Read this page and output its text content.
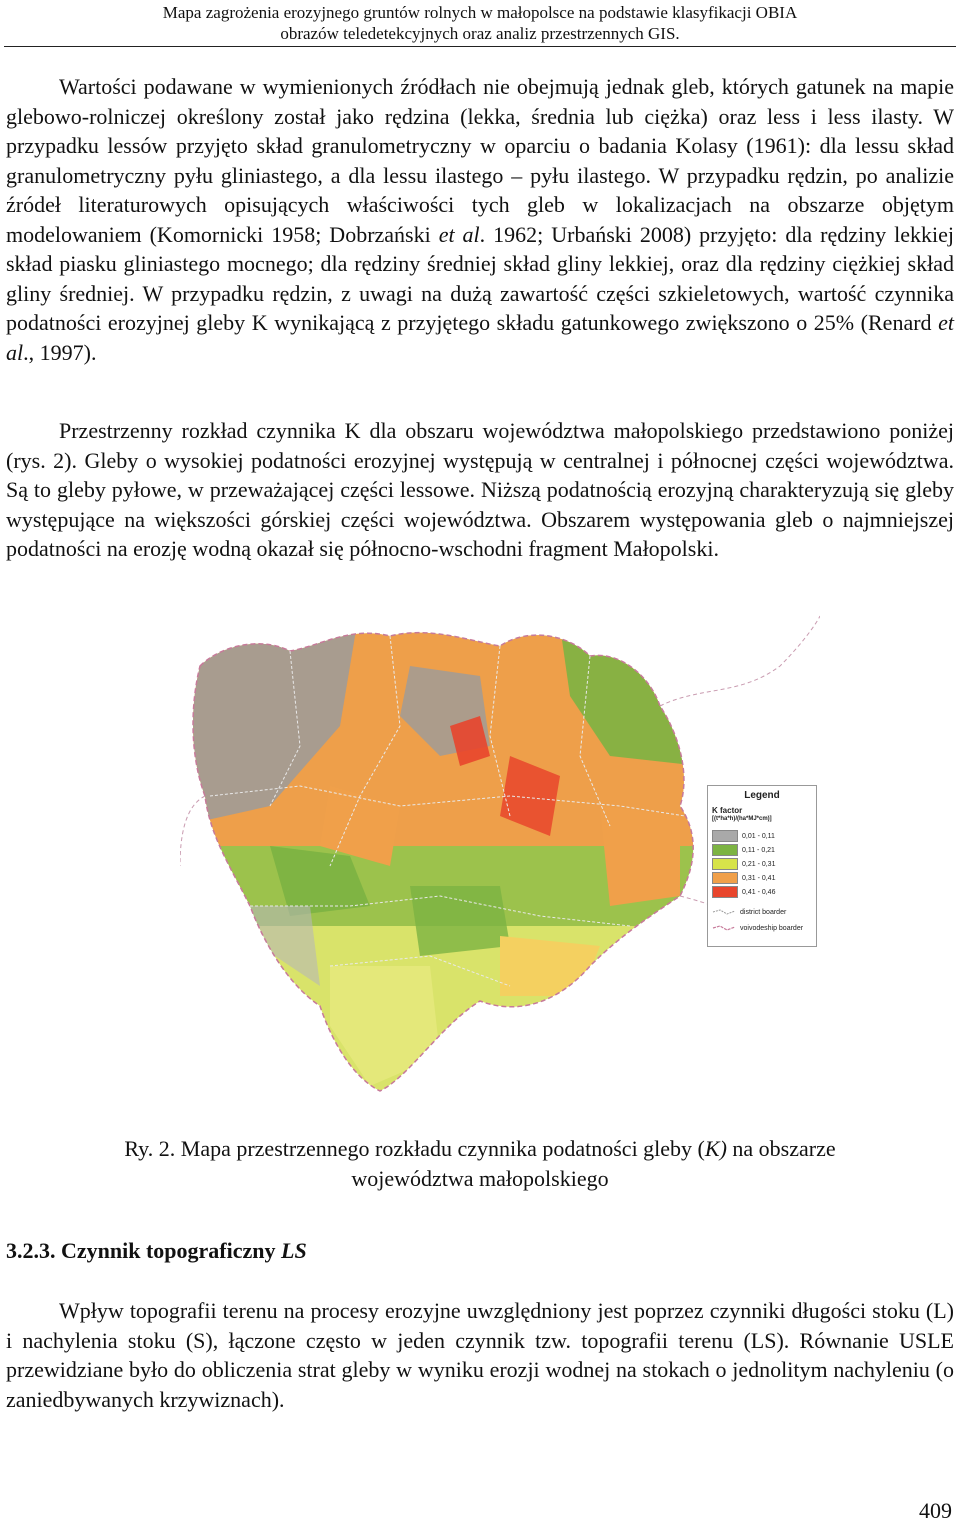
Mapa zagrożenia erozyjnego gruntów rolnych w małopolsce na podstawie klasyfikacji OBIA
obrazów teledetekcyjnych oraz analiz przestrzennych GIS.

Wartości podawane w wymienionych źródłach nie obejmują jednak gleb, których gatunek na mapie glebowo-rolniczej określony został jako rędzina (lekka, średnia lub ciężka) oraz less i less ilasty. W przypadku lessów przyjęto skład granulometryczny w oparciu o badania Kolasy (1961): dla lessu skład granulometryczny pyłu gliniastego, a dla lessu ilastego – pyłu ilastego. W przypadku rędzin, po analizie źródeł literaturowych opisujących właściwości tych gleb w lokalizacjach na obszarze objętym modelowaniem (Komornicki 1958; Dobrzański et al. 1962; Urbański 2008) przyjęto: dla rędziny lekkiej skład piasku gliniastego mocnego; dla rędziny średniej skład gliny lekkiej, oraz dla rędziny ciężkiej skład gliny średniej. W przypadku rędzin, z uwagi na dużą zawartość części szkieletowych, wartość czynnika podatności erozyjnej gleby K wynikającą z przyjętego składu gatunkowego zwiększono o 25% (Renard et al., 1997).

Przestrzenny rozkład czynnika K dla obszaru województwa małopolskiego przedstawiono poniżej (rys. 2). Gleby o wysokiej podatności erozyjnej występują w centralnej i północnej części województwa. Są to gleby pyłowe, w przeważającej części lessowe. Niższą podatnością erozyjną charakteryzują się gleby występujące na większości górskiej części województwa. Obszarem występowania gleb o najmniejszej podatności na erozję wodną okazał się północno-wschodni fragment Małopolski.

Legend
K factor
[(t*ha*h)/(ha*MJ*cm)]
0,01 - 0,11
0,11 - 0,21
0,21 - 0,31
0,31 - 0,41
0,41 - 0,46
district boarder
voivodeship boarder
Ry. 2. Mapa przestrzennego rozkładu czynnika podatności gleby (K) na obszarze
województwa małopolskiego
3.2.3. Czynnik topograficzny LS

Wpływ topografii terenu na procesy erozyjne uwzględniony jest poprzez czynniki długości stoku (L) i nachylenia stoku (S), łączone często w jeden czynnik tzw. topografii terenu (LS). Równanie USLE przewidziane było do obliczenia strat gleby w wyniku erozji wodnej na stokach o jednolitym nachyleniu (o zaniedbywanych krzywiznach).

409
